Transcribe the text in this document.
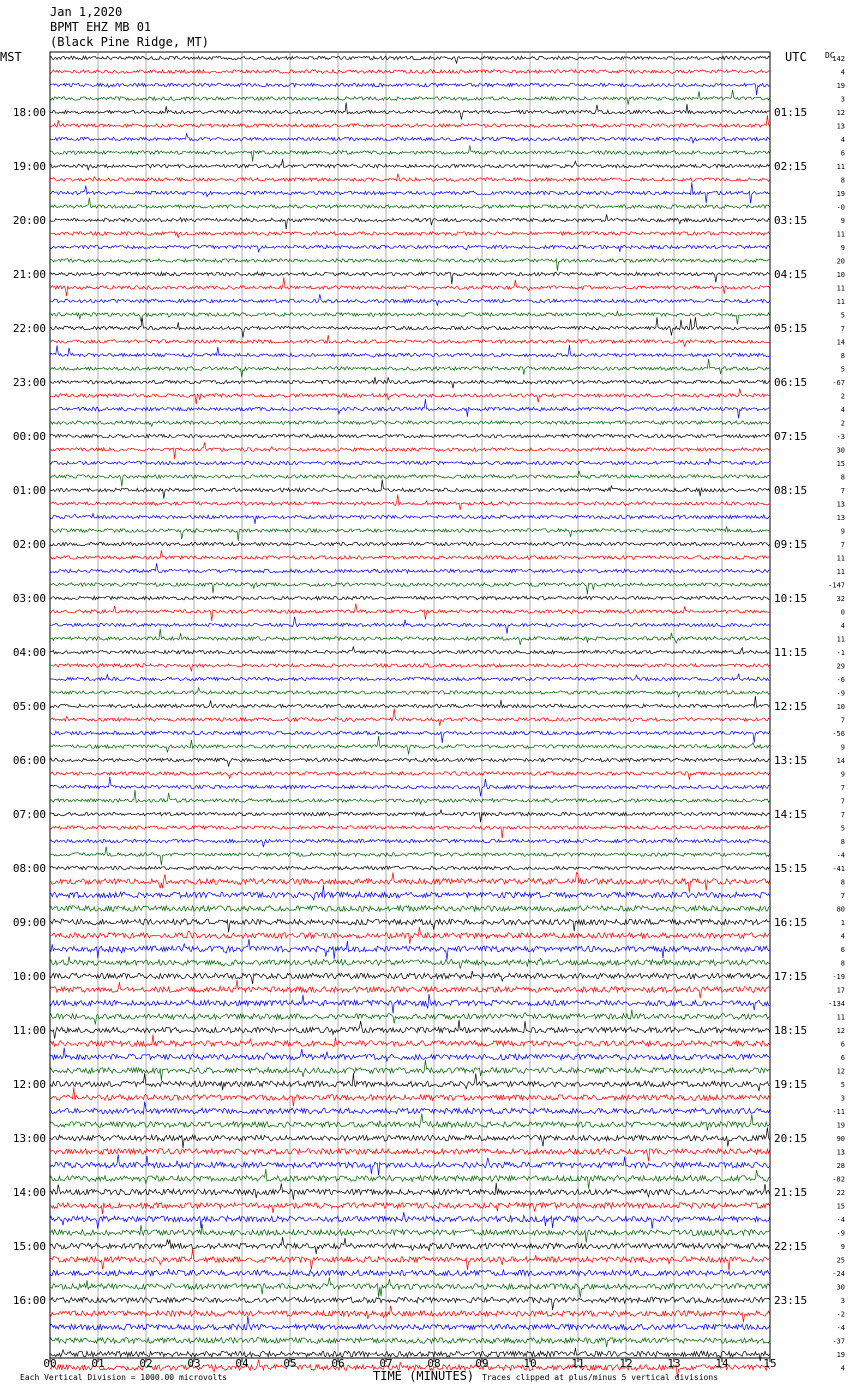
Jan 1,2020
BPMT EHZ MB 01
(Black Pine Ridge, MT)
MST	UTC DC
18:00
19:00
20:00
21:00
22:00
23:00
00:00
01:00
02:00
03:00
04:00
05:00
06:00
07:00
08:00
09:00
10:00
11:00
12:00
13:00
14:00
15:00
16:00
01:15
02:15
03:15
04:15
05:15
06:15
07:15
08:15
09:15
10:15
11:15
12:15
13:15
14:15
15:15
16:15
17:15
18:15
19:15
20:15
21:15
22:15
23:15
142
4
19
3
12
13
4
6
11
8
19
-0
9
11
9
20
10
11
11
5
7
14
8
5
-67
2
4
2
-3
30
15
8
7
13
13
9
7
11
11
-147
32
0
4
11
-1
29
-6
-9
10
7
-56
9
14
9
7
7
7
5
8
-4
-41
8
7
80
1
4
6
8
-19
17
-134
11
12
6
6
12
5
3
-11
19
90
13
28
-82
22
15
-4
-9
9
25
-24
30
3
-2
-4
-37
19
4
00	01	02	03	04	05	06	07	08	09	10	11	12	13	14	15
Each Vertical Division = 1000.00 microvolts	TIME (MINUTES) Traces clipped at plus/minus 5 vertical divisions
